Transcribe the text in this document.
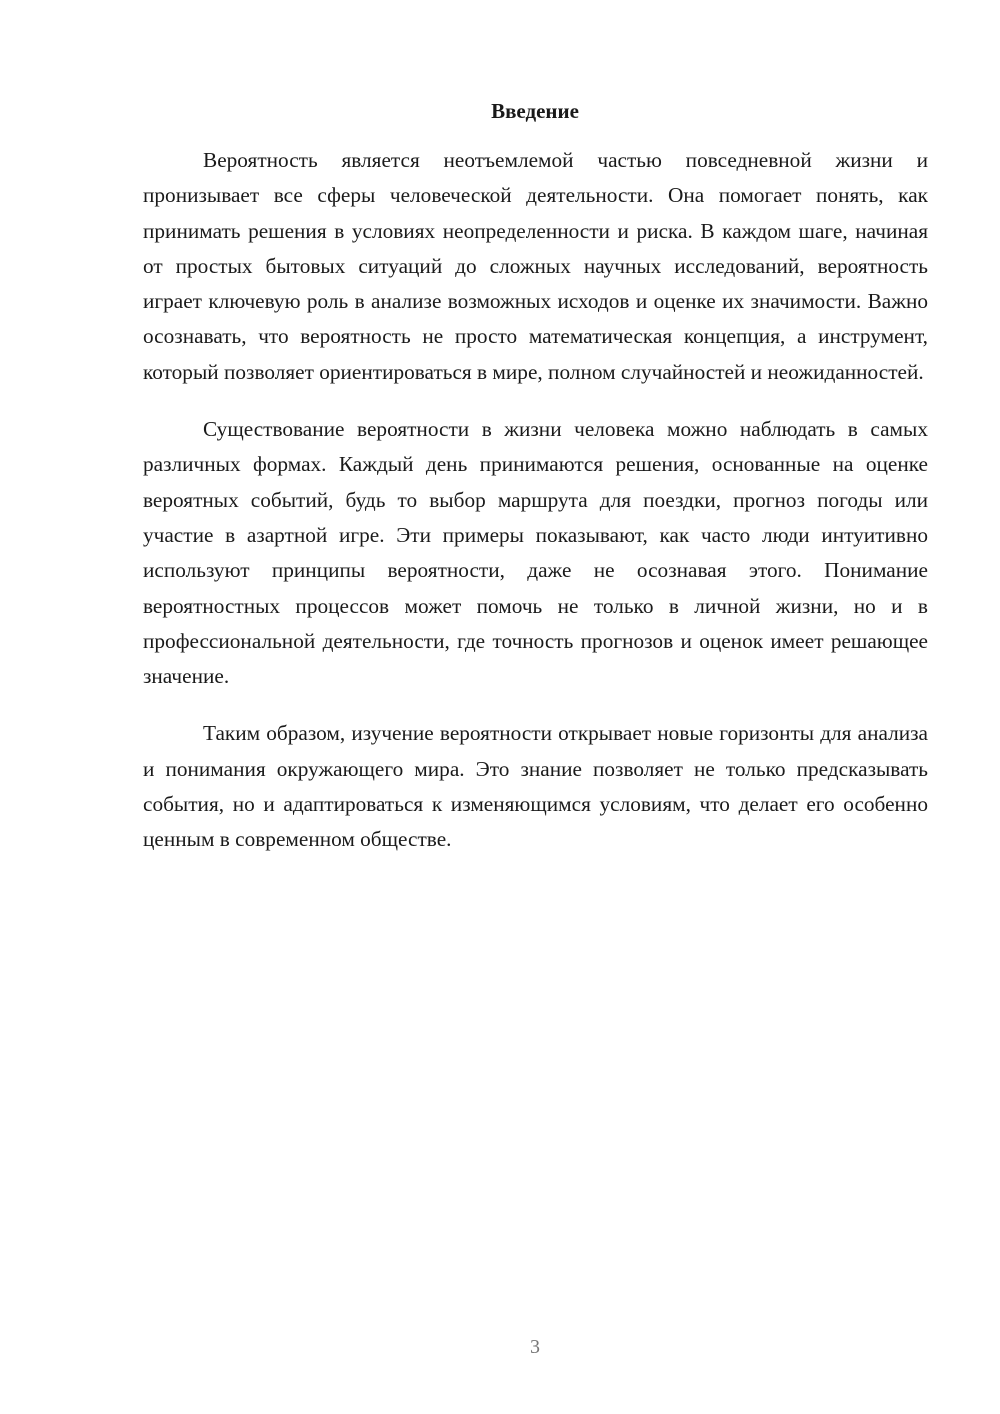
Введение

Вероятность является неотъемлемой частью повседневной жизни и пронизывает все сферы человеческой деятельности. Она помогает понять, как принимать решения в условиях неопределенности и риска. В каждом шаге, начиная от простых бытовых ситуаций до сложных научных исследований, вероятность играет ключевую роль в анализе возможных исходов и оценке их значимости. Важно осознавать, что вероятность не просто математическая концепция, а инструмент, который позволяет ориентироваться в мире, полном случайностей и неожиданностей.

Существование вероятности в жизни человека можно наблюдать в самых различных формах. Каждый день принимаются решения, основанные на оценке вероятных событий, будь то выбор маршрута для поездки, прогноз погоды или участие в азартной игре. Эти примеры показывают, как часто люди интуитивно используют принципы вероятности, даже не осознавая этого. Понимание вероятностных процессов может помочь не только в личной жизни, но и в профессиональной деятельности, где точность прогнозов и оценок имеет решающее значение.

Таким образом, изучение вероятности открывает новые горизонты для анализа и понимания окружающего мира. Это знание позволяет не только предсказывать события, но и адаптироваться к изменяющимся условиям, что делает его особенно ценным в современном обществе.

3
